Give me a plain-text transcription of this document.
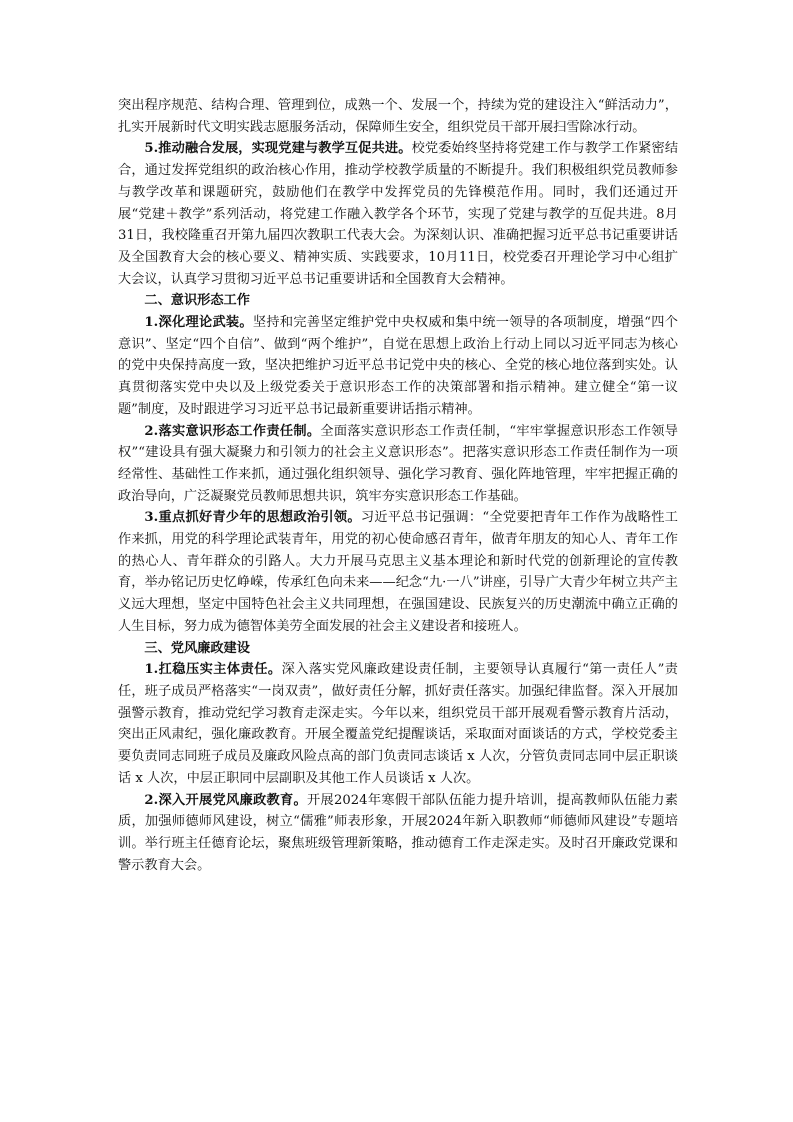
突出程序规范、结构合理、管理到位，成熟一个、发展一个，持续为党的建设注入“鲜活动力”，扎实开展新时代文明实践志愿服务活动，保障师生安全，组织党员干部开展扫雪除冰行动。

5.推动融合发展，实现党建与教学互促共进。校党委始终坚持将党建工作与教学工作紧密结合，通过发挥党组织的政治核心作用，推动学校教学质量的不断提升。我们积极组织党员教师参与教学改革和课题研究，鼓励他们在教学中发挥党员的先锋模范作用。同时，我们还通过开展“党建＋教学”系列活动，将党建工作融入教学各个环节，实现了党建与教学的互促共进。8月31日，我校隆重召开第九届四次教职工代表大会。为深刻认识、准确把握习近平总书记重要讲话及全国教育大会的核心要义、精神实质、实践要求，10月11日，校党委召开理论学习中心组扩大会议，认真学习贯彻习近平总书记重要讲话和全国教育大会精神。

二、意识形态工作

1.深化理论武装。坚持和完善坚定维护党中央权威和集中统一领导的各项制度，增强“四个意识”、坚定“四个自信”、做到“两个维护”，自觉在思想上政治上行动上同以习近平同志为核心的党中央保持高度一致，坚决把维护习近平总书记党中央的核心、全党的核心地位落到实处。认真贯彻落实党中央以及上级党委关于意识形态工作的决策部署和指示精神。建立健全“第一议题”制度，及时跟进学习习近平总书记最新重要讲话指示精神。

2.落实意识形态工作责任制。全面落实意识形态工作责任制，“牢牢掌握意识形态工作领导权”“建设具有强大凝聚力和引领力的社会主义意识形态”。把落实意识形态工作责任制作为一项经常性、基础性工作来抓，通过强化组织领导、强化学习教育、强化阵地管理，牢牢把握正确的政治导向，广泛凝聚党员教师思想共识，筑牢夯实意识形态工作基础。

3.重点抓好青少年的思想政治引领。习近平总书记强调：“全党要把青年工作作为战略性工作来抓，用党的科学理论武装青年，用党的初心使命感召青年，做青年朋友的知心人、青年工作的热心人、青年群众的引路人。大力开展马克思主义基本理论和新时代党的创新理论的宣传教育，举办铭记历史忆峥嵘，传承红色向未来——纪念“九·一八”讲座，引导广大青少年树立共产主义远大理想，坚定中国特色社会主义共同理想，在强国建设、民族复兴的历史潮流中确立正确的人生目标，努力成为德智体美劳全面发展的社会主义建设者和接班人。

三、党风廉政建设

1.扛稳压实主体责任。深入落实党风廉政建设责任制，主要领导认真履行“第一责任人”责任，班子成员严格落实“一岗双责”，做好责任分解，抓好责任落实。加强纪律监督。深入开展加强警示教育，推动党纪学习教育走深走实。今年以来，组织党员干部开展观看警示教育片活动，突出正风肃纪，强化廉政教育。开展全覆盖党纪提醒谈话，采取面对面谈话的方式，学校党委主要负责同志同班子成员及廉政风险点高的部门负责同志谈话 x 人次，分管负责同志同中层正职谈话 x 人次，中层正职同中层副职及其他工作人员谈话 x 人次。

2.深入开展党风廉政教育。开展2024年寒假干部队伍能力提升培训，提高教师队伍能力素质，加强师德师风建设，树立“儒雅”师表形象，开展2024年新入职教师“师德师风建设”专题培训。举行班主任德育论坛，聚焦班级管理新策略，推动德育工作走深走实。及时召开廉政党课和警示教育大会。
